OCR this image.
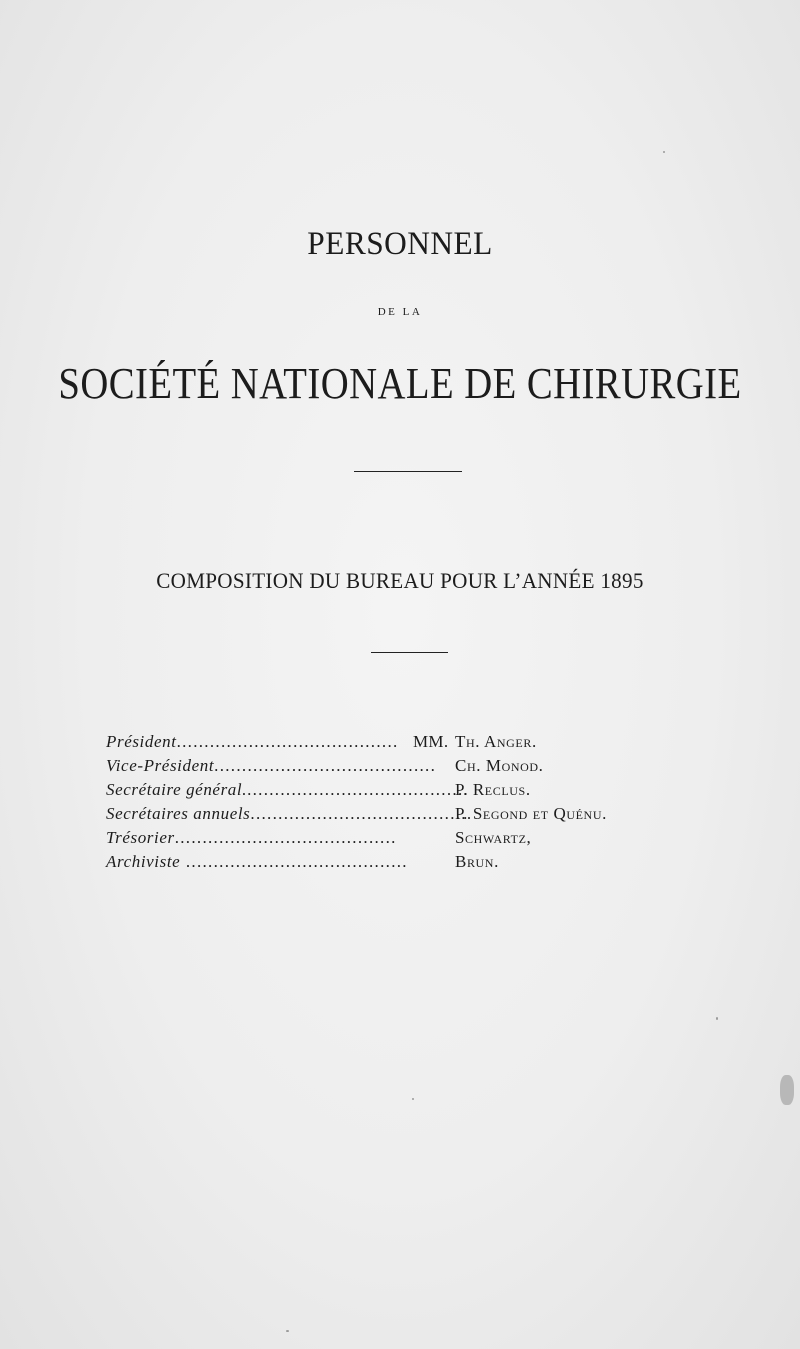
PERSONNEL
DE LA
SOCIÉTÉ NATIONALE DE CHIRURGIE
COMPOSITION DU BUREAU POUR L’ANNÉE 1895
Président........................................ MM. Th. Anger.
Vice-Président........................................ Ch. Monod.
Secrétaire général.........................................
P. Reclus.
Secrétaires annuels........................................
P. Segond et Quénu.
Trésorier........................................	Schwartz,
Archiviste ........................................	Brun.
